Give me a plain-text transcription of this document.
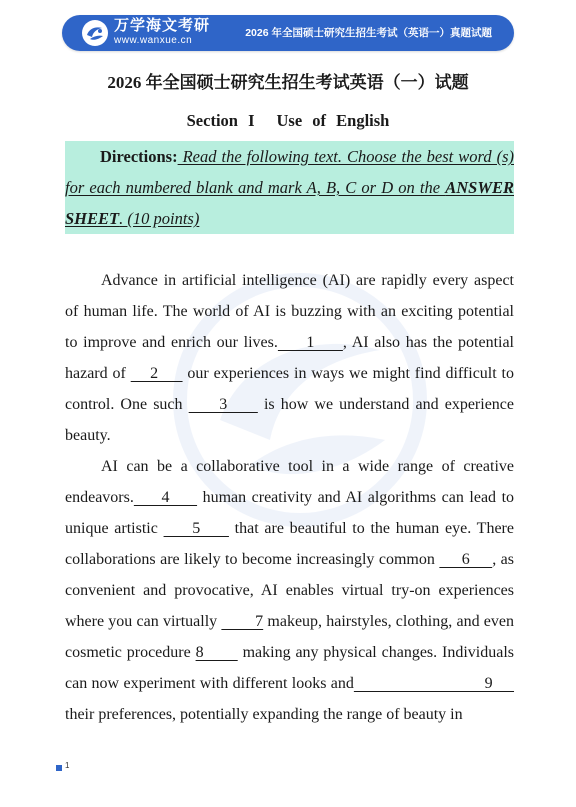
万学海文考研
www.wanxue.cn
2026 年全国硕士研究生招生考试（英语一）真题试题
2026 年全国硕士研究生招生考试英语（一）试题
Section I Use of English

Directions: Read the following text. Choose the best word (s) for each numbered blank and mark A, B, C or D on the ANSWER SHEET. (10 points)

Advance in artificial intelligence (AI) are rapidly every aspect of human life. The world of AI is buzzing with an exciting potential to improve and enrich our lives.     1     , AI also has the potential hazard of     2      our experiences in ways we might find difficult to control. One such      3      is how we understand and experience beauty.

AI can be a collaborative tool in a wide range of creative endeavors.     4      human creativity and AI algorithms can lead to unique artistic      5      that are beautiful to the human eye. There collaborations are likely to become increasingly common      6     , as convenient and provocative, AI enables virtual try-on experiences where you can virtually         7 makeup, hairstyles, clothing, and even cosmetic procedure 8        making any physical changes. Individuals can now experiment with different looks and                              9      their preferences, potentially expanding the range of beauty in

1
